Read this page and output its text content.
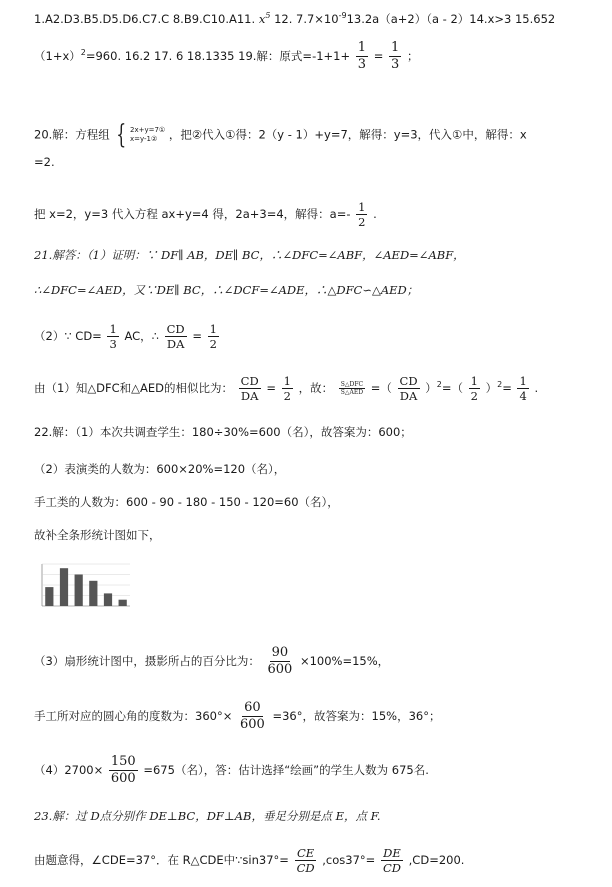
1.A2.D3.B5.D5.D6.C7.C 8.B9.C10.A11. $x^5$ 12. $7.7\times 10^{-9}13.2a(a+2)(a - 2)14.x>3$ 15.652
$(1+x)^2=960$. 16.2 17. 6 18.1335 19.解：原式$=-1+1+ \frac{1}{3} = \frac{1}{3}$ ；
20.解：方程组 { 2x+y=7①
x=y-1②	，把②代入①得：2（y - 1）+y=7，解得：y=3，代入①中，解得：x
=2.
把 x=2，y=3 代入方程 ax+y=4 得，2a+3=4，解得：$a=- \frac{1}{2}$ .
21.解答：（1）证明：∵ DF∥ AB，DE∥ BC，∴∠DFC=∠ABF，∠AED=∠ABF，
∴∠DFC=∠AED，又∵DE∥ BC，∴∠DCF=∠ADE，∴△DFC∽△AED；
（2）∵ $CD= \frac{1}{3}$ AC，∴ $\frac{CD}{DA} = \frac{1}{2}$
由（1）知△DFC和△AED的相似比为： $\frac{CD}{DA} = \frac{1}{2}$ ，故： $\frac{\text{S△DFC}}{\text{S△AED}}$ =（ $\frac{CD}{DA} )^2=( \frac{1}{2} )^2= \frac{1}{4}$ .
22.解：（1）本次共调查学生：180÷30%=600（名），故答案为：600；
（2）表演类的人数为：600×20%=120（名），
手工类的人数为：600 - 90 - 180 - 150 - 120=60（名），
故补全条形统计图如下，
（3）扇形统计图中，摄影所占的百分比为： $\frac{90}{600} \times 100\%=15\%$，
手工所对应的圆心角的度数为：$360^\circ\times \frac{60}{600} =36^\circ$，故答案为：15%，36°；
$(4)2700\times \frac{150}{600} =675$（名），答：估计选择“绘画”的学生人数为 675名.
23.解：过 D点分别作 DE⊥BC，DF⊥AB，垂足分别是点 E，点 F.
由题意得，∠CDE=37°．在 R△CDE中∵sin37°= $\frac{CE}{CD} ,\cos 37^\circ= \frac{DE}{CD} ,CD=200$.
